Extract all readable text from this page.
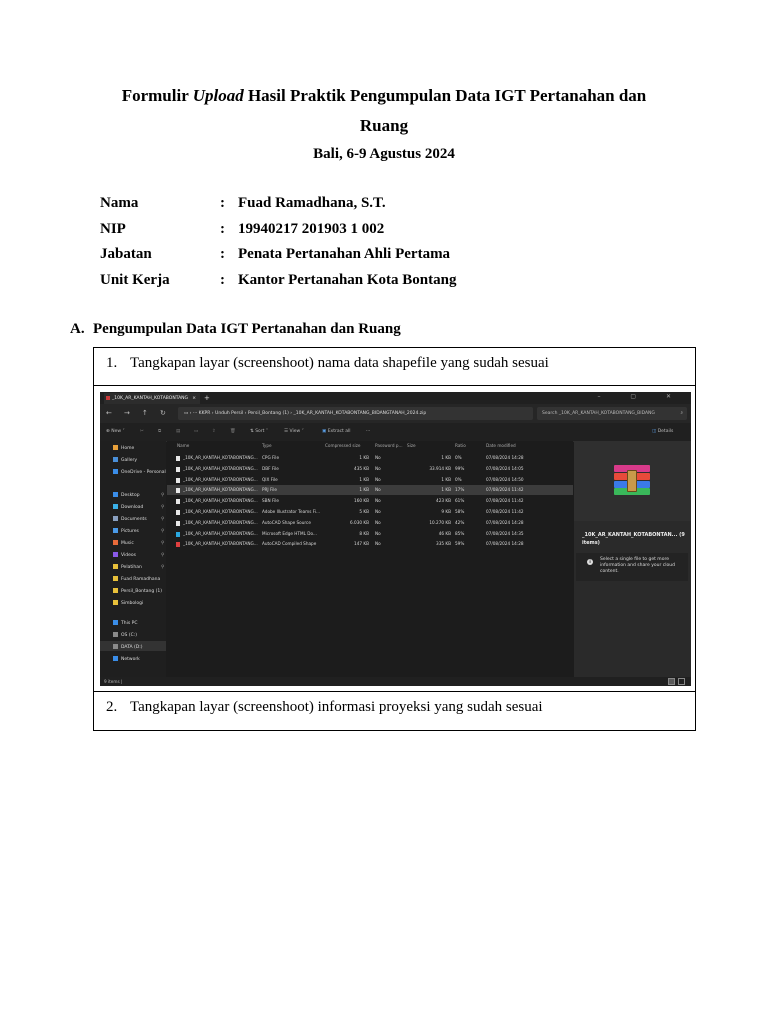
Formulir Upload Hasil Praktik Pengumpulan Data IGT Pertanahan dan
Ruang
Bali, 6-9 Agustus 2024
Nama	: Fuad Ramadhana, S.T.
NIP	: 19940217 201903 1 002
Jabatan	: Penata Pertanahan Ahli Pertama
Unit Kerja	: Kantor Pertanahan Kota Bontang
A. Pengumpulan Data IGT Pertanahan dan Ruang
1. Tangkapan layar (screenshoot) nama data shapefile yang sudah sesuai
_10K_AR_KANTAH_KOTABONTANG × +	– ▢ ✕
← → ↑ ↻	▭ › ··· KKPR › Unduh Persil › Persil_Bontang (1) › _10K_AR_KANTAH_KOTABONTANG_BIDANGTANAH_2024.zip	Search _10K_AR_KANTAH_KOTABONTANG_BIDANG	⌕
⊕ New ˅	✂	⧉	▤	▭	⇪	🗑	⇅ Sort ˅	☰ View ˅	▣ Extract all	···	◫ Details
Home
Gallery
OneDrive - Personal
Desktop	⚲
Download	⚲
Documents	⚲
Pictures	⚲
Music	⚲
Videos	⚲
Pelatihan	⚲
Fuad Ramadhana
Persil_Bontang (1)
Simbologi
This PC
OS (C:)
DATA (D:)
Network
Name	Type	Compressed size	Password p... Size	Ratio	Date modified
_10K_AR_KANTAH_KOTABONTANG... CPG File	1 KB No	1 KB 0%	07/08/2024 14:28
_10K_AR_KANTAH_KOTABONTANG... DBF File	435 KB No	33.914 KB 99%	07/08/2024 14:05
_10K_AR_KANTAH_KOTABONTANG... QIX File	1 KB No	1 KB 0%	07/08/2024 14:50
_10K_AR_KANTAH_KOTABONTANG... PRJ File	1 KB No	1 KB 17%	07/08/2024 11:42
_10K_AR_KANTAH_KOTABONTANG... SBN File	160 KB No	423 KB 61%	07/08/2024 11:42
_10K_AR_KANTAH_KOTABONTANG... Adobe Illustrator Teams Fi...	5 KB No	9 KB 58%	07/08/2024 11:42
_10K_AR_KANTAH_KOTABONTANG... AutoCAD Shape Source	6.030 KB No	10.270 KB 42%	07/08/2024 14:28
_10K_AR_KANTAH_KOTABONTANG... Microsoft Edge HTML Do...	8 KB No	46 KB 85%	07/08/2024 14:35
_10K_AR_KANTAH_KOTABONTANG... AutoCAD Compiled Shape	147 KB No	335 KB 59%	07/08/2024 14:28
_10K_AR_KANTAH_KOTABONTAN... (9 items)
i	Select a single file to get more information and share your cloud content.
9 items |
2. Tangkapan layar (screenshoot) informasi proyeksi yang sudah sesuai
